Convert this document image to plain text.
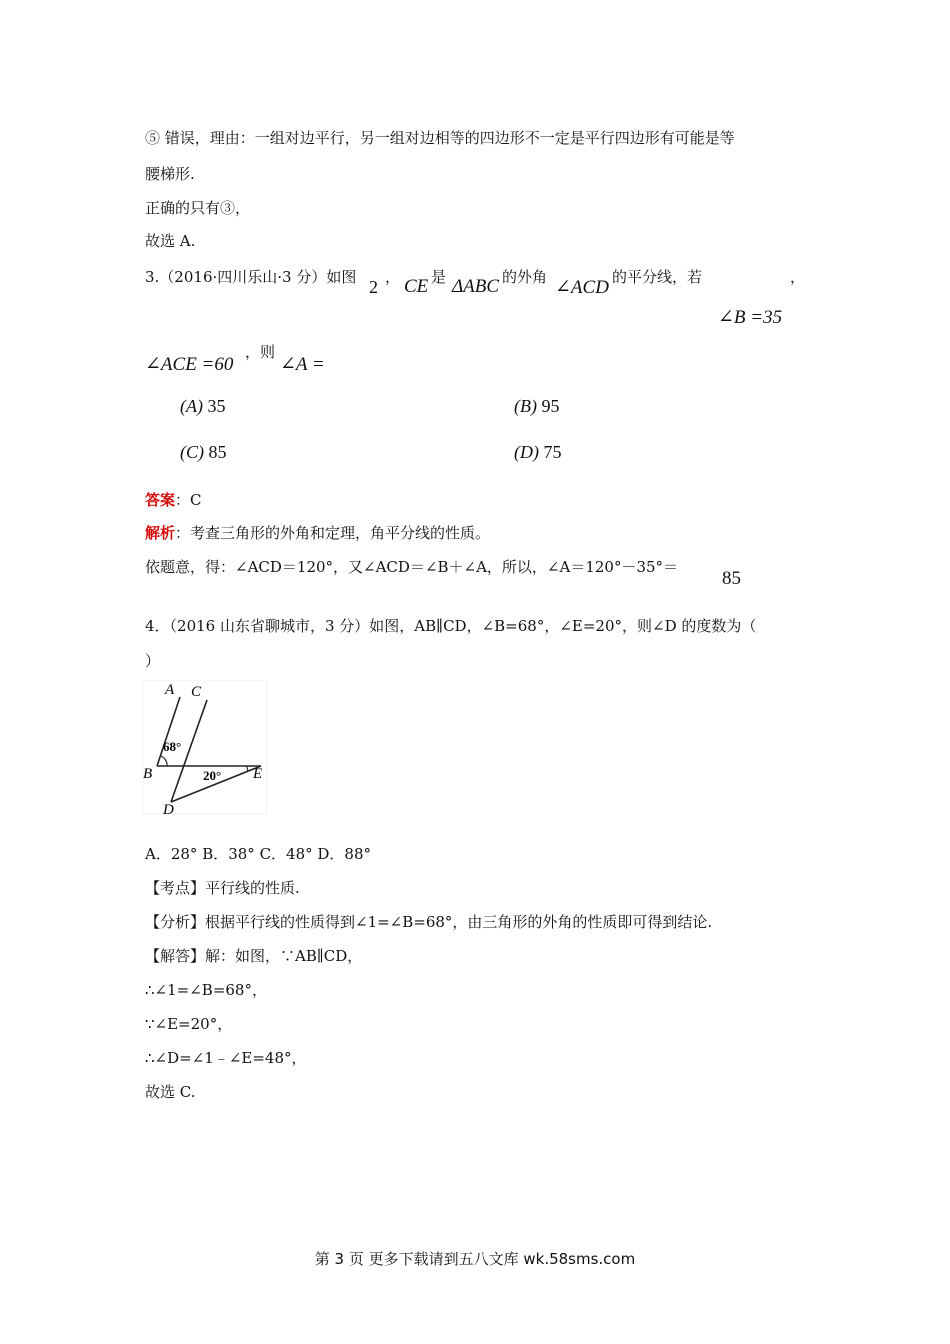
⑤ 错误，理由：一组对边平行，另一组对边相等的四边形不一定是平行四边形有可能是等
腰梯形.
正确的只有③，
故选 A.
3.（2016·四川乐山·3 分）如图 2 ， CE 是 ΔABC 的外角 ∠ACD 的平分线，若
∠B =35
，
∠ACE =60
，则
∠A =
(A) 35	(B) 95
(C) 85	(D) 75
答案：C
解析：考查三角形的外角和定理，角平分线的性质。
依题意，得：∠ACD＝120°，又∠ACD＝∠B＋∠A，所以，∠A＝120°－35°＝
85
4．（2016 山东省聊城市，3 分）如图，AB∥CD，∠B=68°，∠E=20°，则∠D 的度数为（
）
A C
B
D
E
68°
20°
A．28° B．38° C．48° D．88°
【考点】平行线的性质.
【分析】根据平行线的性质得到∠1=∠B=68°，由三角形的外角的性质即可得到结论.
【解答】解：如图，∵AB∥CD，
∴∠1=∠B=68°，
∵∠E=20°，
∴∠D=∠1﹣∠E=48°，
故选 C.
第 3 页 更多下载请到五八文库 wk.58sms.com
